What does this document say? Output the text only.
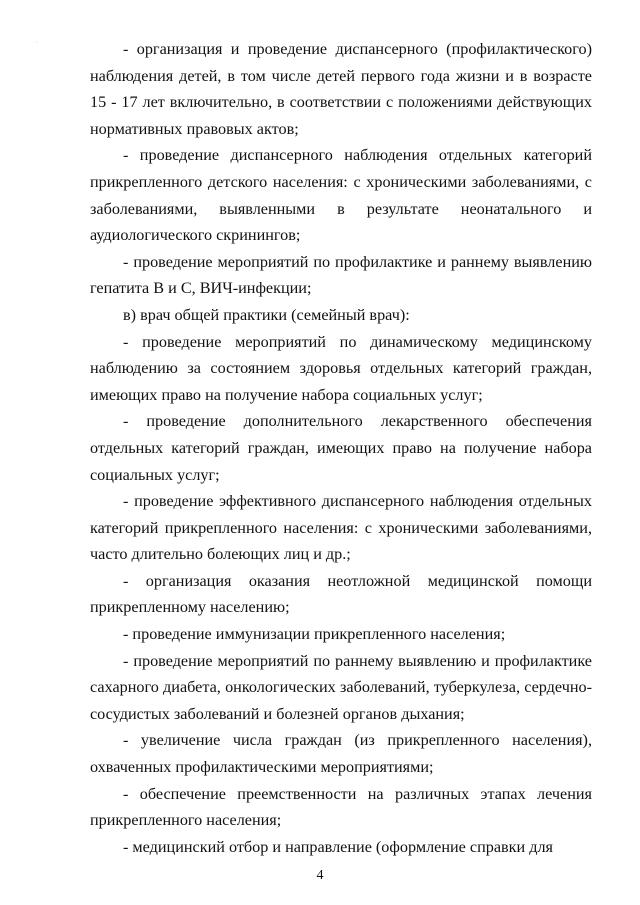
·	- организация и проведение диспансерного (профилактического) наблюдения детей, в том числе детей первого года жизни и в возрасте 15 - 17 лет включительно, в соответствии с положениями действующих нормативных правовых актов;

- проведение диспансерного наблюдения отдельных категорий прикрепленного детского населения: с хроническими заболеваниями, с заболеваниями, выявленными в результате неонатального и аудиологического скринингов;

- проведение мероприятий по профилактике и раннему выявлению гепатита В и С, ВИЧ-инфекции;

в) врач общей практики (семейный врач):

- проведение мероприятий по динамическому медицинскому наблюдению за состоянием здоровья отдельных категорий граждан, имеющих право на получение набора социальных услуг;

- проведение дополнительного лекарственного обеспечения отдельных категорий граждан, имеющих право на получение набора социальных услуг;

- проведение эффективного диспансерного наблюдения отдельных категорий прикрепленного населения: с хроническими заболеваниями, часто длительно болеющих лиц и др.;

- организация оказания неотложной медицинской помощи прикрепленному населению;

- проведение иммунизации прикрепленного населения;

- проведение мероприятий по раннему выявлению и профилактике сахарного диабета, онкологических заболеваний, туберкулеза, сердечно-сосудистых заболеваний и болезней органов дыхания;

- увеличение числа граждан (из прикрепленного населения), охваченных профилактическими мероприятиями;

- обеспечение преемственности на различных этапах лечения прикрепленного населения;

- медицинский отбор и направление (оформление справки для

4
